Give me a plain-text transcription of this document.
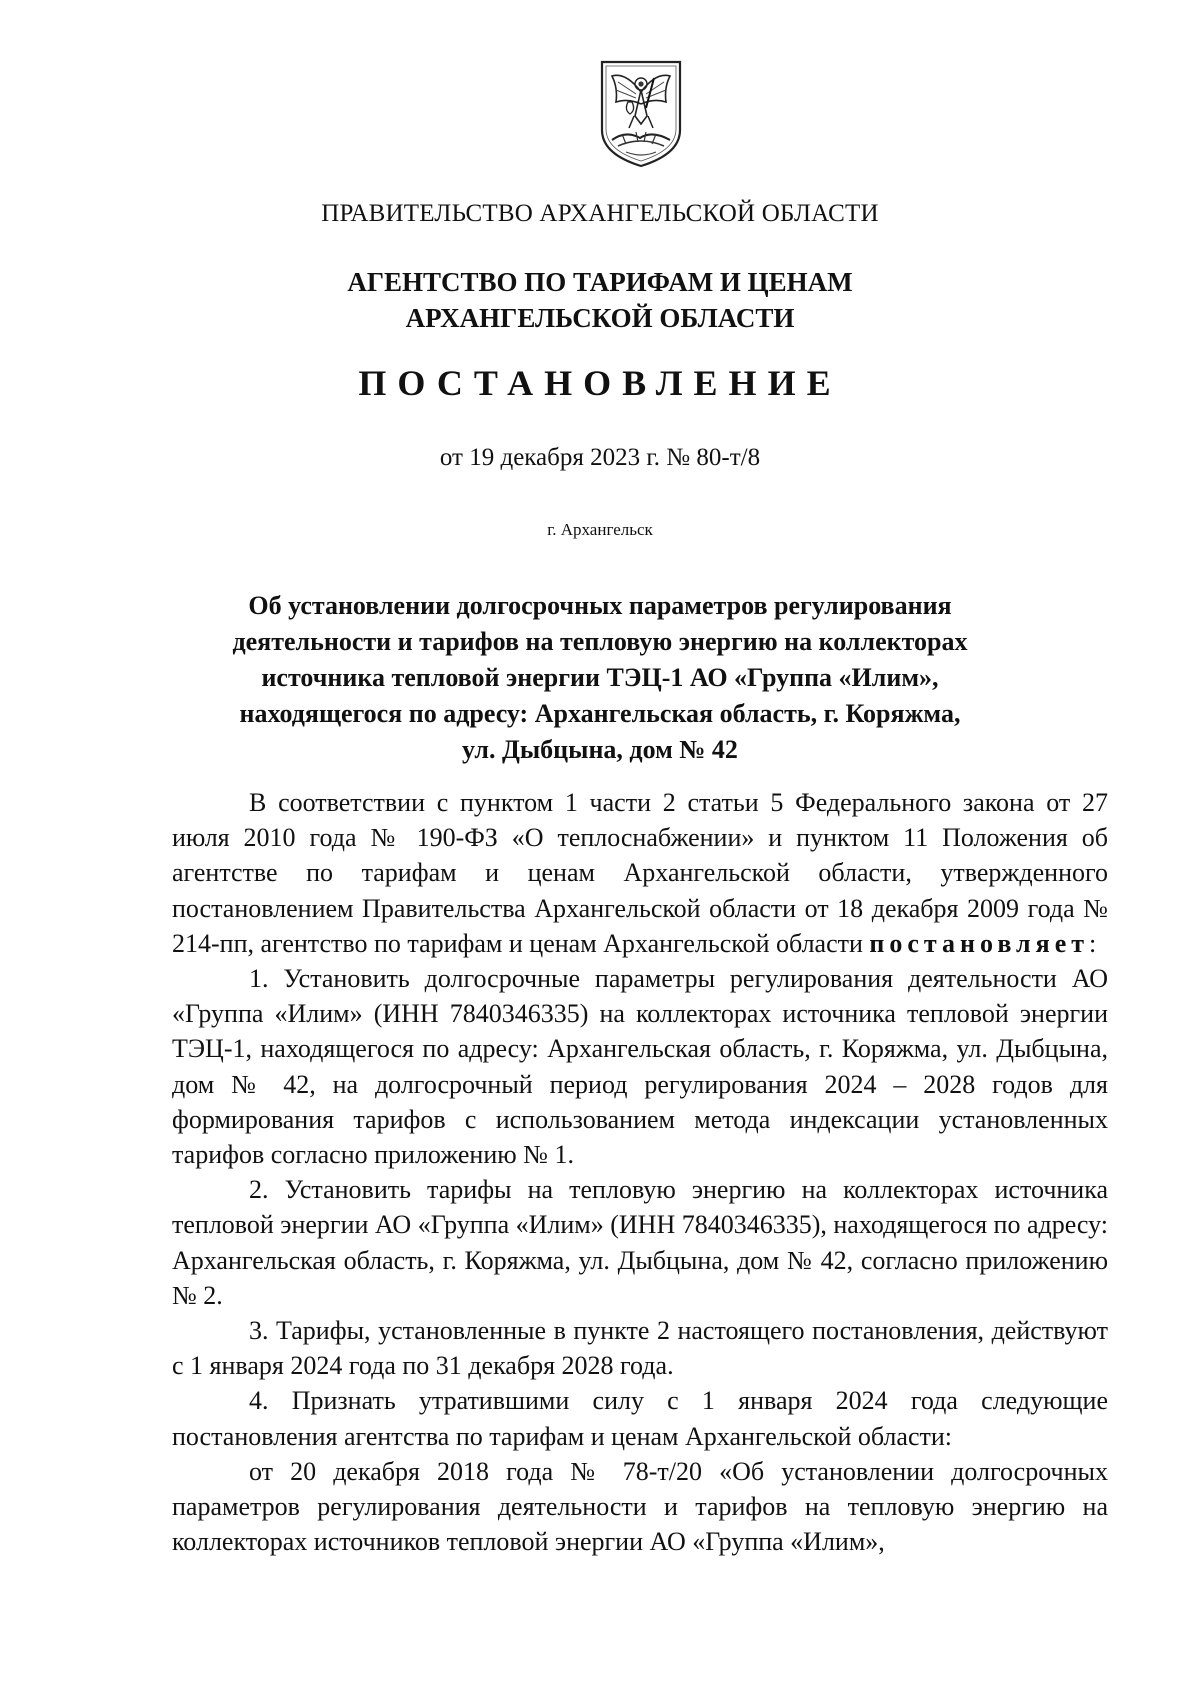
ПРАВИТЕЛЬСТВО АРХАНГЕЛЬСКОЙ ОБЛАСТИ
АГЕНТСТВО ПО ТАРИФАМ И ЦЕНАМ
АРХАНГЕЛЬСКОЙ ОБЛАСТИ
ПОСТАНОВЛЕНИЕ
от 19 декабря 2023 г. № 80-т/8
г. Архангельск
Об установлении долгосрочных параметров регулирования
деятельности и тарифов на тепловую энергию на коллекторах
источника тепловой энергии ТЭЦ-1 АО «Группа «Илим»,
находящегося по адресу: Архангельская область, г. Коряжма,
ул. Дыбцына, дом № 42

В соответствии с пунктом 1 части 2 статьи 5 Федерального закона от 27 июля 2010 года № 190-ФЗ «О теплоснабжении» и пунктом 11 Положения об агентстве по тарифам и ценам Архангельской области, утвержденного постановлением Правительства Архангельской области от 18 декабря 2009 года № 214-пп, агентство по тарифам и ценам Архангельской области постановляет:

1. Установить долгосрочные параметры регулирования деятельности АО «Группа «Илим» (ИНН 7840346335) на коллекторах источника тепловой энергии ТЭЦ-1, находящегося по адресу: Архангельская область, г. Коряжма, ул. Дыбцына, дом № 42, на долгосрочный период регулирования 2024 – 2028 годов для формирования тарифов с использованием метода индексации установленных тарифов согласно приложению № 1.

2. Установить тарифы на тепловую энергию на коллекторах источника тепловой энергии АО «Группа «Илим» (ИНН 7840346335), находящегося по адресу: Архангельская область, г. Коряжма, ул. Дыбцына, дом № 42, согласно приложению № 2.

3. Тарифы, установленные в пункте 2 настоящего постановления, действуют с 1 января 2024 года по 31 декабря 2028 года.

4. Признать утратившими силу с 1 января 2024 года следующие постановления агентства по тарифам и ценам Архангельской области:

от 20 декабря 2018 года № 78-т/20 «Об установлении долгосрочных параметров регулирования деятельности и тарифов на тепловую энергию на коллекторах источников тепловой энергии АО «Группа «Илим»,
